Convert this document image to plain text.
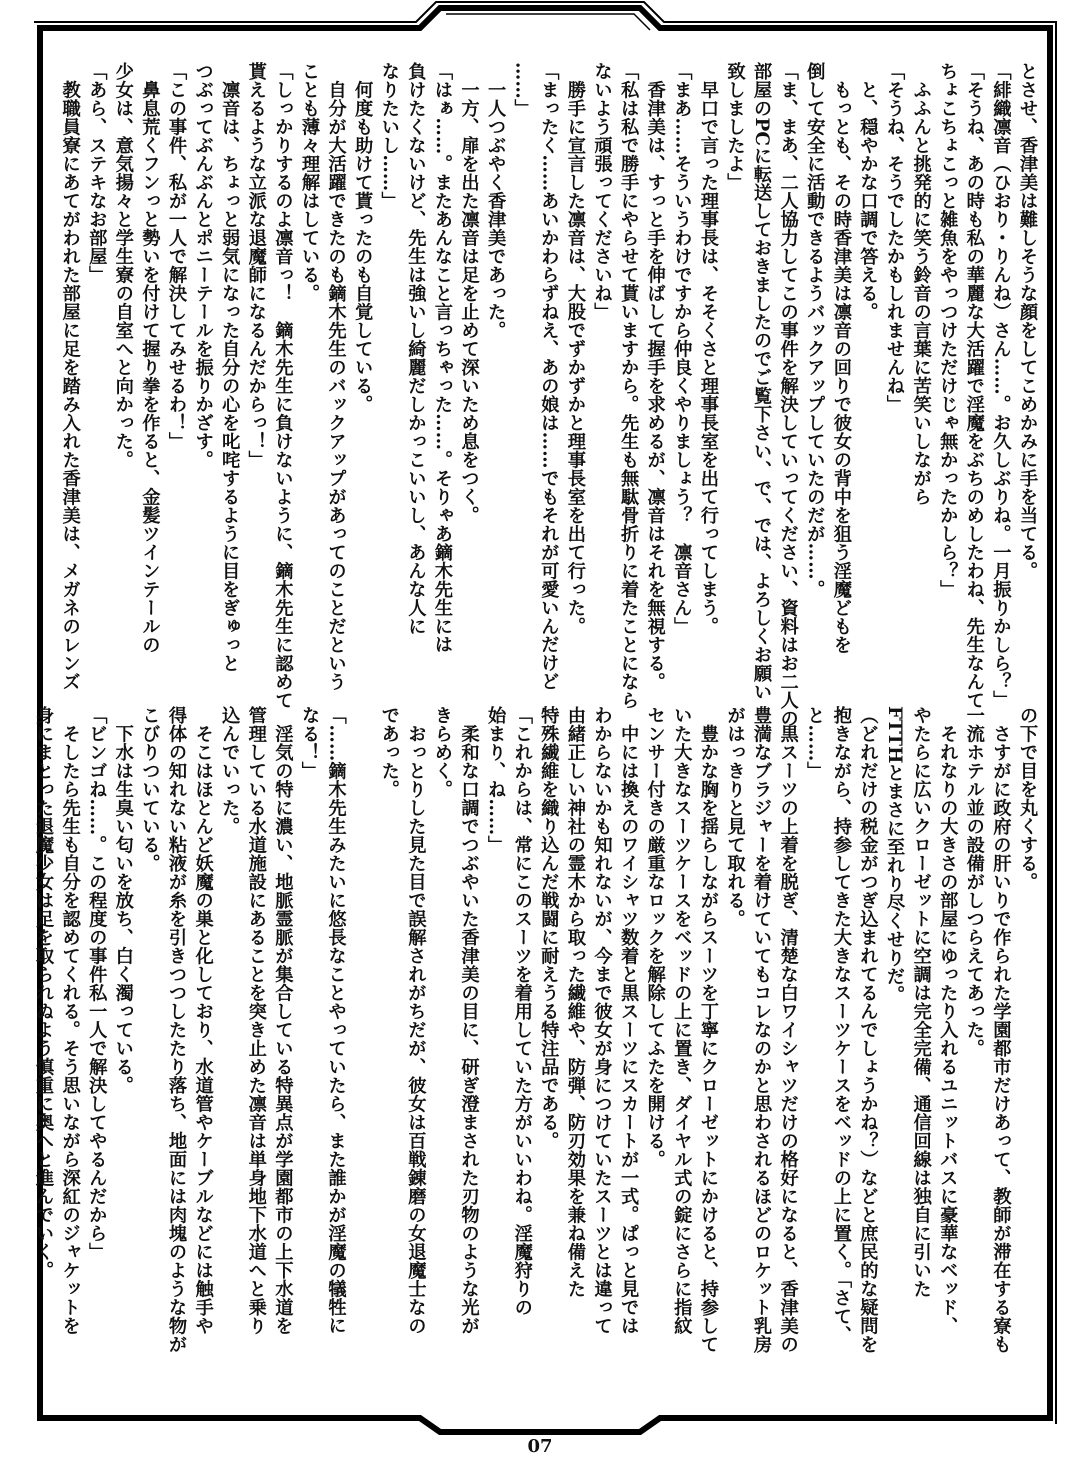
とさせ、香津美は難しそうな顔をしてこめかみに手を当てる。
「緋織凛音（ひおり・りんね）さん……。お久しぶりね。一月振りかしら？」
「そうね、あの時も私の華麗な大活躍で淫魔をぶちのめしたわね、先生なんて
ちょこちょこっと雑魚をやっつけただけじゃ無かったかしら？」
　ふふんと挑発的に笑う鈴音の言葉に苦笑いしながら
「そうね、そうでしたかもしれませんね」
　と、穏やかな口調で答える。
　もっとも、その時香津美は凛音の回りで彼女の背中を狙う淫魔どもを
倒して安全に活動できるようバックアップしていたのだが……。
「ま、まあ、二人協力してこの事件を解決していってください、資料はお二人の
部屋のPCに転送しておきましたのでご覧下さい、で、では、よろしくお願い
致しましたよ」
　早口で言った理事長は、そそくさと理事長室を出て行ってしまう。
「まあ……そういうわけですから仲良くやりましょう？　凛音さん」
　香津美は、すっと手を伸ばして握手を求めるが、凛音はそれを無視する。
「私は私で勝手にやらせて貰いますから。先生も無駄骨折りに着たことになら
ないよう頑張ってくださいね」
　勝手に宣言した凛音は、大股でずかずかと理事長室を出て行った。
「まったく……あいかわらずねえ、あの娘は……でもそれが可愛いんだけど
……」
　一人つぶやく香津美であった。
　一方、扉を出た凛音は足を止めて深いため息をつく。
「はぁ……。またあんなこと言っちゃった……。そりゃあ鏑木先生には
負けたくないけど、先生は強いし綺麗だしかっこいいし、あんな人に
なりたいし……」
　何度も助けて貰ったのも自覚している。
　自分が大活躍できたのも鏑木先生のバックアップがあってのことだという
ことも薄々理解はしている。
「しっかりするのよ凛音っ！　鏑木先生に負けないように、鏑木先生に認めて
貰えるような立派な退魔師になるんだからっ！」
　凛音は、ちょっと弱気になった自分の心を叱咤するように目をぎゅっと
つぶってぶんぶんとポニーテールを振りかざす。
「この事件、私が一人で解決してみせるわ！」
　鼻息荒くフンっと勢いを付けて握り拳を作ると、金髪ツインテールの
少女は、意気揚々と学生寮の自室へと向かった。
「あら、ステキなお部屋」
　教職員寮にあてがわれた部屋に足を踏み入れた香津美は、メガネのレンズ
の下で目を丸くする。
　さすがに政府の肝いりで作られた学園都市だけあって、教師が滞在する寮も
一流ホテル並の設備がしつらえてあった。
　それなりの大きさの部屋にゆったり入れるユニットバスに豪華なベッド、
やたらに広いクローゼットに空調は完全完備、通信回線は独自に引いた
FTTHとまさに至れり尽くせりだ。
（どれだけの税金がつぎ込まれてるんでしょうかね？）などと庶民的な疑問を
抱きながら、持参してきた大きなスーツケースをベッドの上に置く。「さて、
と……」
　黒スーツの上着を脱ぎ、清楚な白ワイシャツだけの格好になると、香津美の
豊満なブラジャーを着けていてもコレなのかと思わされるほどのロケット乳房
がはっきりと見て取れる。
　豊かな胸を揺らしながらスーツを丁寧にクローゼットにかけると、持参して
いた大きなスーツケースをベッドの上に置き、ダイヤル式の錠にさらに指紋
センサー付きの厳重なロックを解除してふたを開ける。
　中には換えのワイシャツ数着と黒スーツにスカートが一式。ぱっと見では
わからないかも知れないが、今まで彼女が身につけていたスーツとは違って
由緒正しい神社の霊木から取った繊維や、防弾、防刃効果を兼ね備えた
特殊繊維を織り込んだ戦闘に耐えうる特注品である。
「これからは、常にこのスーツを着用していた方がいいわね。淫魔狩りの
始まり、ね……」
　柔和な口調でつぶやいた香津美の目に、研ぎ澄まされた刃物のような光が
きらめく。
　おっとりした見た目で誤解されがちだが、彼女は百戦錬磨の女退魔士なの
であった。
「……鏑木先生みたいに悠長なことやっていたら、また誰かが淫魔の犠牲に
なる！」
　淫気の特に濃い、地脈霊脈が集合している特異点が学園都市の上下水道を
管理している水道施設にあることを突き止めた凛音は単身地下水道へと乗り
込んでいった。
　そこはほとんど妖魔の巣と化しており、水道管やケーブルなどには触手や
得体の知れない粘液が糸を引きつつしたたり落ち、地面には肉塊のような物が
こびりついている。
　下水は生臭い匂いを放ち、白く濁っている。
「ビンゴね……。この程度の事件私一人で解決してやるんだから」
　そしたら先生も自分を認めてくれる。そう思いながら深紅のジャケットを
身にまとった退魔少女は足を取られぬよう慎重に奥へと進んでいく。
07
